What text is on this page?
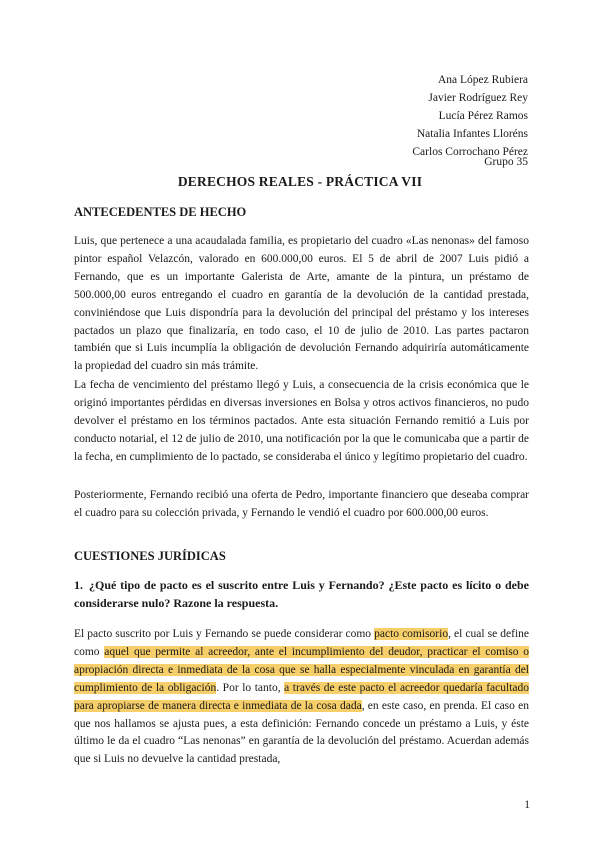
Ana López Rubiera
Javier Rodríguez Rey
Lucía Pérez Ramos
Natalia Infantes Lloréns
Carlos Corrochano Pérez
Grupo 35
DERECHOS REALES - PRÁCTICA VII
ANTECEDENTES DE HECHO

Luis, que pertenece a una acaudalada familia, es propietario del cuadro «Las nenonas» del famoso pintor español Velazcón, valorado en 600.000,00 euros. El 5 de abril de 2007 Luis pidió a Fernando, que es un importante Galerista de Arte, amante de la pintura, un préstamo de 500.000,00 euros entregando el cuadro en garantía de la devolución de la cantidad prestada, conviniéndose que Luis dispondría para la devolución del principal del préstamo y los intereses pactados un plazo que finalizaría, en todo caso, el 10 de julio de 2010. Las partes pactaron también que si Luis incumplía la obligación de devolución Fernando adquiriría automáticamente la propiedad del cuadro sin más trámite.

La fecha de vencimiento del préstamo llegó y Luis, a consecuencia de la crisis económica que le originó importantes pérdidas en diversas inversiones en Bolsa y otros activos financieros, no pudo devolver el préstamo en los términos pactados. Ante esta situación Fernando remitió a Luis por conducto notarial, el 12 de julio de 2010, una notificación por la que le comunicaba que a partir de la fecha, en cumplimiento de lo pactado, se consideraba el único y legítimo propietario del cuadro.

Posteriormente, Fernando recibió una oferta de Pedro, importante financiero que deseaba comprar el cuadro para su colección privada, y Fernando le vendió el cuadro por 600.000,00 euros.

CUESTIONES JURÍDICAS

1. ¿Qué tipo de pacto es el suscrito entre Luis y Fernando? ¿Este pacto es lícito o debe considerarse nulo? Razone la respuesta.

El pacto suscrito por Luis y Fernando se puede considerar como pacto comisorio, el cual se define como aquel que permite al acreedor, ante el incumplimiento del deudor, practicar el comiso o apropiación directa e inmediata de la cosa que se halla especialmente vinculada en garantía del cumplimiento de la obligación. Por lo tanto, a través de este pacto el acreedor quedaría facultado para apropiarse de manera directa e inmediata de la cosa dada, en este caso, en prenda. El caso en que nos hallamos se ajusta pues, a esta definición: Fernando concede un préstamo a Luis, y éste último le da el cuadro “Las nenonas” en garantía de la devolución del préstamo. Acuerdan además que si Luis no devuelve la cantidad prestada,

1
